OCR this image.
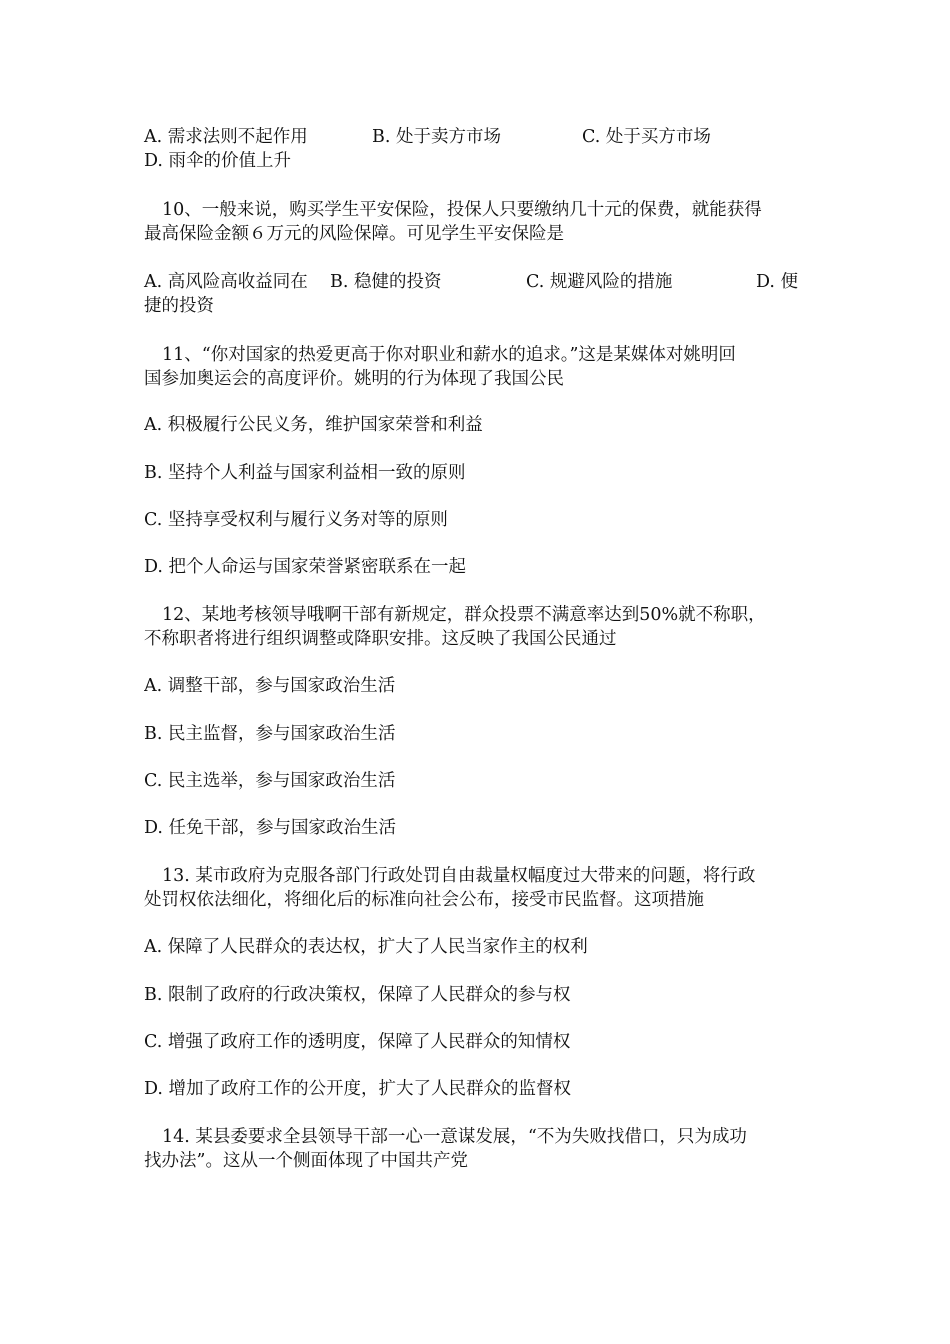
A. 需求法则不起作用	B. 处于卖方市场	C. 处于买方市场
D. 雨伞的价值上升
10、一般来说，购买学生平安保险，投保人只要缴纳几十元的保费，就能获得
最高保险金额６万元的风险保障。可见学生平安保险是
A. 高风险高收益同在 B. 稳健的投资	C. 规避风险的措施	D. 便
捷的投资
11、“你对国家的热爱更高于你对职业和薪水的追求。”这是某媒体对姚明回
国参加奥运会的高度评价。姚明的行为体现了我国公民
A. 积极履行公民义务，维护国家荣誉和利益
B. 坚持个人利益与国家利益相一致的原则
C. 坚持享受权利与履行义务对等的原则
D. 把个人命运与国家荣誉紧密联系在一起
12、某地考核领导哦啊干部有新规定，群众投票不满意率达到50%就不称职，
不称职者将进行组织调整或降职安排。这反映了我国公民通过
A. 调整干部，参与国家政治生活
B. 民主监督，参与国家政治生活
C. 民主选举，参与国家政治生活
D. 任免干部，参与国家政治生活
13. 某市政府为克服各部门行政处罚自由裁量权幅度过大带来的问题，将行政
处罚权依法细化，将细化后的标准向社会公布，接受市民监督。这项措施
A. 保障了人民群众的表达权，扩大了人民当家作主的权利
B. 限制了政府的行政决策权，保障了人民群众的参与权
C. 增强了政府工作的透明度，保障了人民群众的知情权
D. 增加了政府工作的公开度，扩大了人民群众的监督权
14. 某县委要求全县领导干部一心一意谋发展，“不为失败找借口，只为成功
找办法”。这从一个侧面体现了中国共产党
